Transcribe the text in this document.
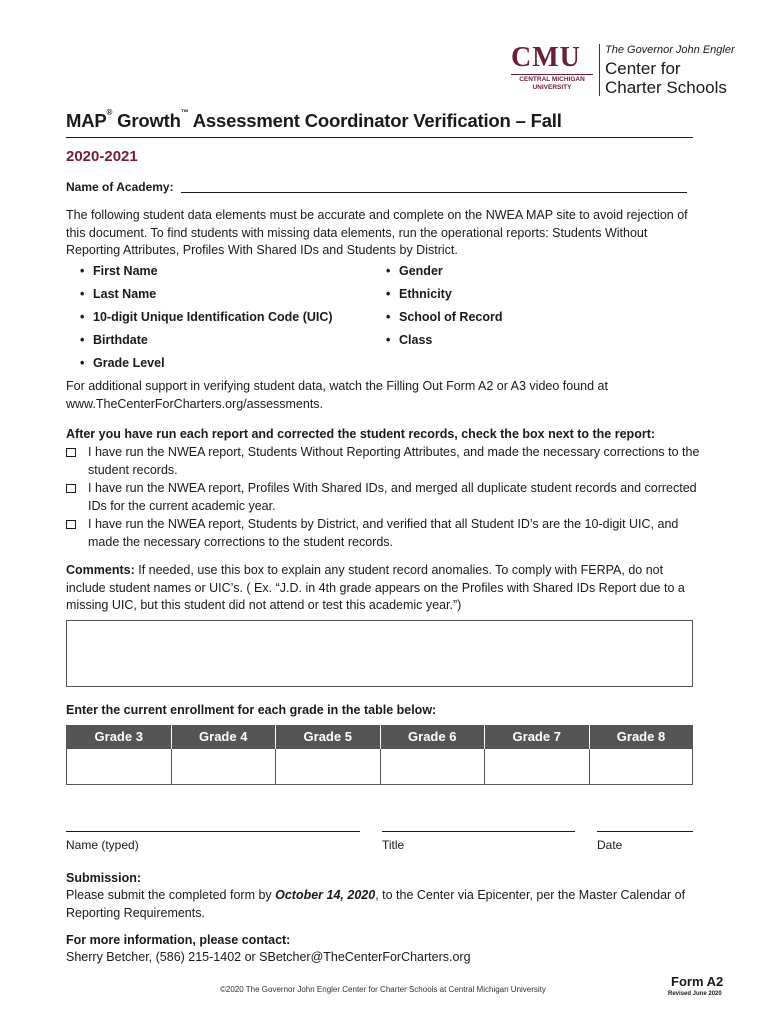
CMU
CENTRAL MICHIGAN UNIVERSITY
The Governor John Engler
Center for
Charter Schools
MAP® Growth™ Assessment Coordinator Verification – Fall
2020-2021
Name of Academy:
The following student data elements must be accurate and complete on the NWEA MAP site to avoid rejection of this document. To find students with missing data elements, run the operational reports: Students Without Reporting Attributes, Profiles With Shared IDs and Students by District.
• First Name
• Last Name
• 10-digit Unique Identification Code (UIC)
• Birthdate
• Grade Level
• Gender
• Ethnicity
• School of Record
• Class
For additional support in verifying student data, watch the Filling Out Form A2 or A3 video found at www.TheCenterForCharters.org/assessments.
After you have run each report and corrected the student records, check the box next to the report:
I have run the NWEA report, Students Without Reporting Attributes, and made the necessary corrections to the student records.
I have run the NWEA report, Profiles With Shared IDs, and merged all duplicate student records and corrected IDs for the current academic year.
I have run the NWEA report, Students by District, and verified that all Student ID’s are the 10-digit UIC, and made the necessary corrections to the student records.
Comments: If needed, use this box to explain any student record anomalies. To comply with FERPA, do not include student names or UIC’s. ( Ex. “J.D. in 4th grade appears on the Profiles with Shared IDs Report due to a missing UIC, but this student did not attend or test this academic year.”)
Enter the current enrollment for each grade in the table below:
Grade 3	Grade 4	Grade 5	Grade 6	Grade 7	Grade 8

Name (typed)	Title	Date
Submission:
Please submit the completed form by October 14, 2020, to the Center via Epicenter, per the Master Calendar of Reporting Requirements.
For more information, please contact:
Sherry Betcher, (586) 215-1402 or SBetcher@TheCenterForCharters.org
©2020 The Governor John Engler Center for Charter Schools at Central Michigan University
Form A2
Revised June 2020
